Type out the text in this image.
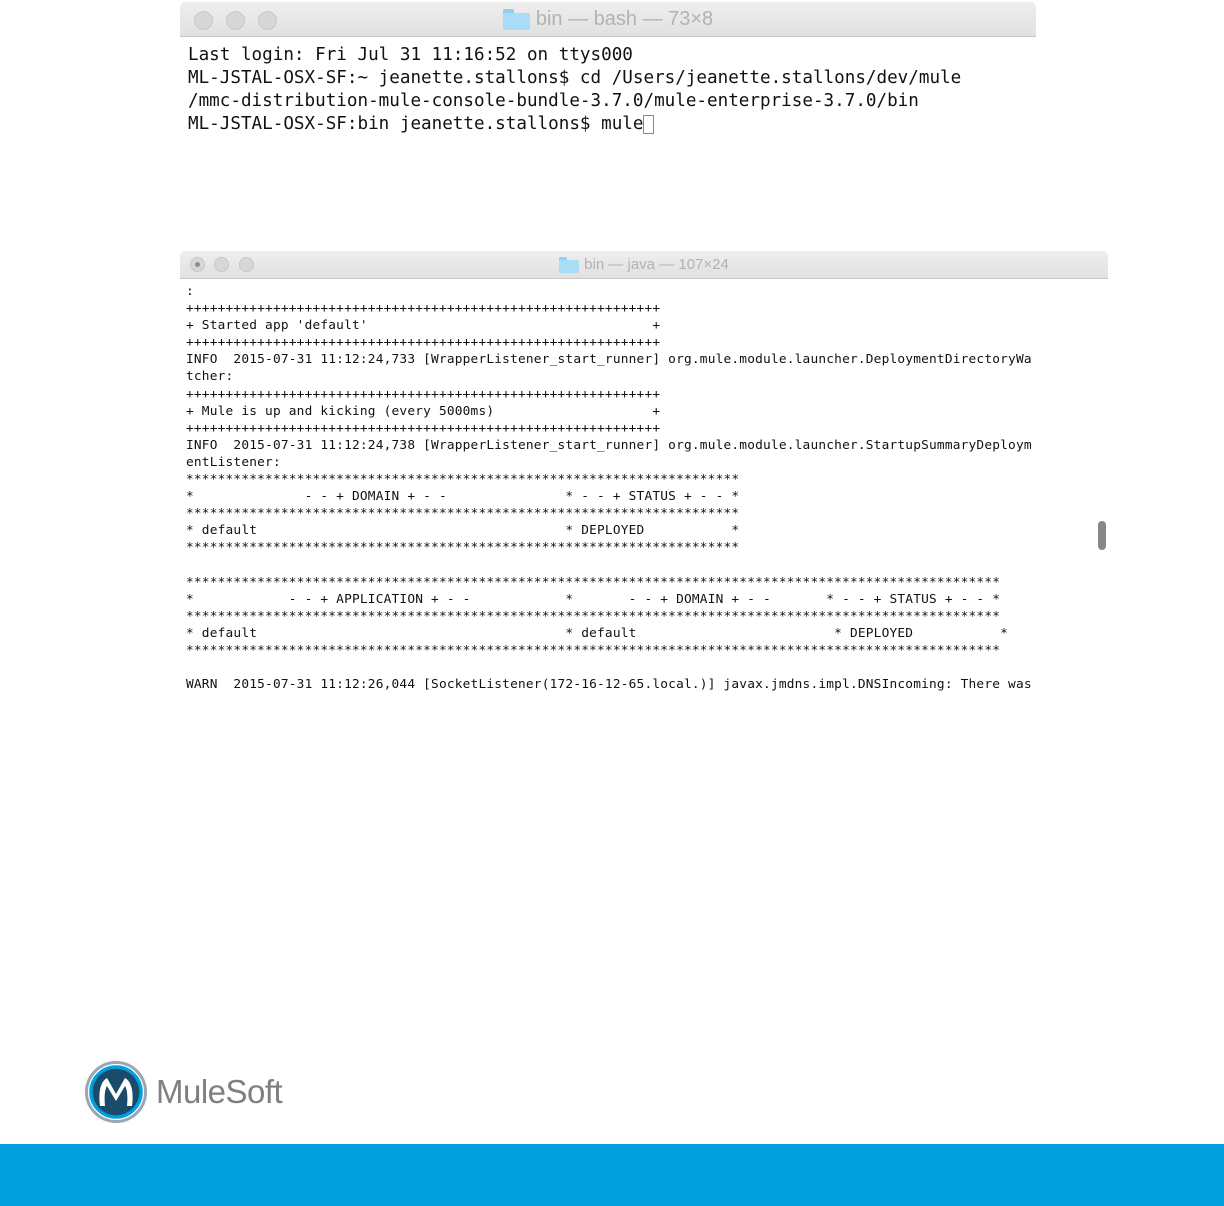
bin — bash — 73×8
Last login: Fri Jul 31 11:16:52 on ttys000
ML-JSTAL-OSX-SF:~ jeanette.stallons$ cd /Users/jeanette.stallons/dev/mule
/mmc-distribution-mule-console-bundle-3.7.0/mule-enterprise-3.7.0/bin
ML-JSTAL-OSX-SF:bin jeanette.stallons$ mule
bin — java — 107×24
:
++++++++++++++++++++++++++++++++++++++++++++++++++++++++++++
+ Started app 'default'                                    +
++++++++++++++++++++++++++++++++++++++++++++++++++++++++++++
INFO  2015-07-31 11:12:24,733 [WrapperListener_start_runner] org.mule.module.launcher.DeploymentDirectoryWa
tcher:
++++++++++++++++++++++++++++++++++++++++++++++++++++++++++++
+ Mule is up and kicking (every 5000ms)                    +
++++++++++++++++++++++++++++++++++++++++++++++++++++++++++++
INFO  2015-07-31 11:12:24,738 [WrapperListener_start_runner] org.mule.module.launcher.StartupSummaryDeploym
entListener:
**********************************************************************
*              - - + DOMAIN + - -               * - - + STATUS + - - *
**********************************************************************
* default                                       * DEPLOYED           *
**********************************************************************

*******************************************************************************************************
*            - - + APPLICATION + - -            *       - - + DOMAIN + - -       * - - + STATUS + - - *
*******************************************************************************************************
* default                                       * default                         * DEPLOYED           *
*******************************************************************************************************

WARN  2015-07-31 11:12:26,044 [SocketListener(172-16-12-65.local.)] javax.jmdns.impl.DNSIncoming: There was
MuleSoft
